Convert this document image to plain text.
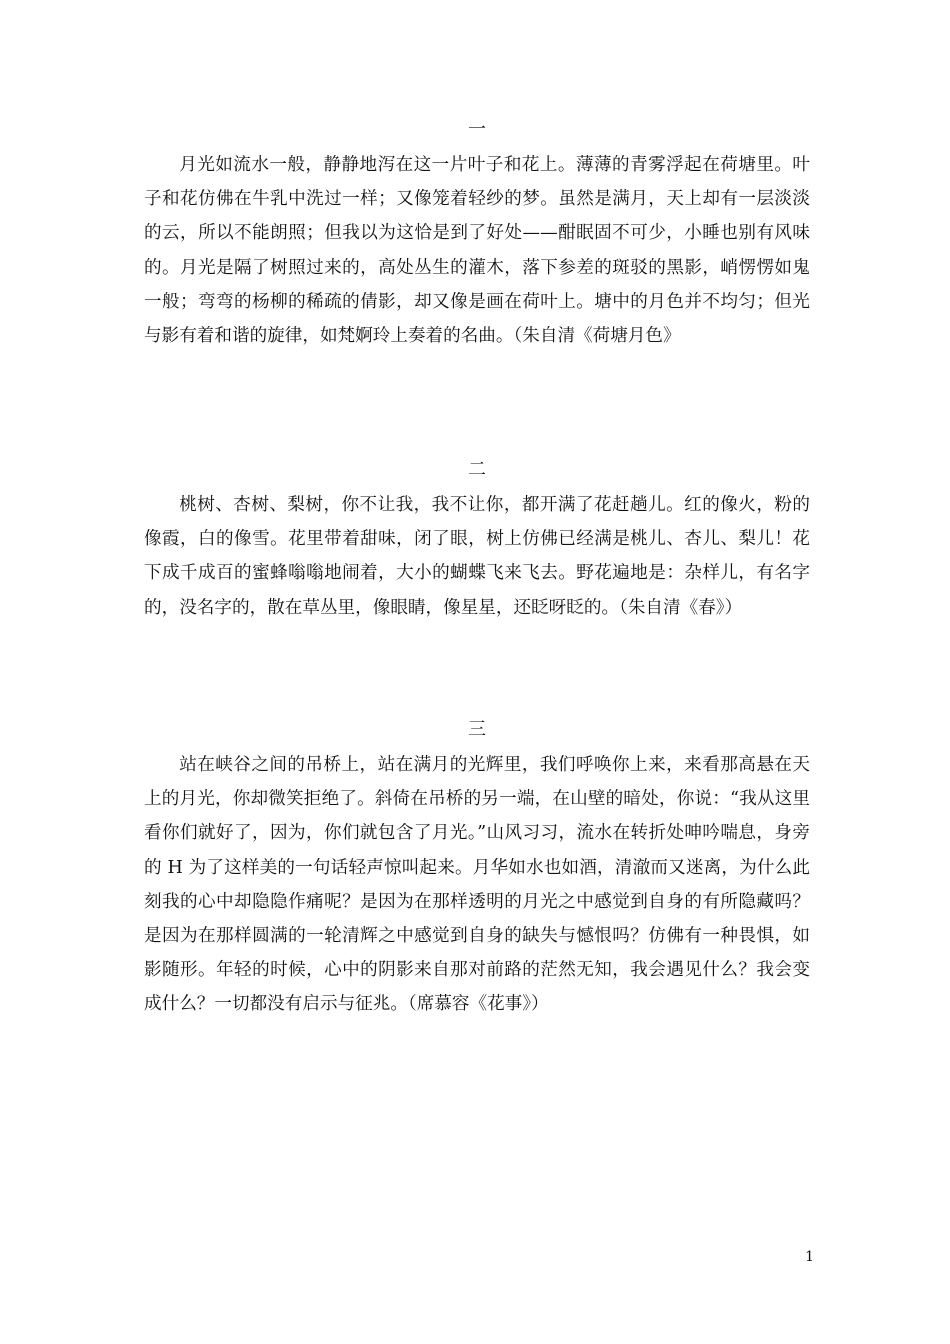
一

月光如流水一般，静静地泻在这一片叶子和花上。薄薄的青雾浮起在荷塘里。叶子和花仿佛在牛乳中洗过一样；又像笼着轻纱的梦。虽然是满月，天上却有一层淡淡的云，所以不能朗照；但我以为这恰是到了好处——酣眠固不可少，小睡也别有风味的。月光是隔了树照过来的，高处丛生的灌木，落下参差的斑驳的黑影，峭愣愣如鬼一般；弯弯的杨柳的稀疏的倩影，却又像是画在荷叶上。塘中的月色并不均匀；但光与影有着和谐的旋律，如梵婀玲上奏着的名曲。（朱自清《荷塘月色》

二

桃树、杏树、梨树，你不让我，我不让你，都开满了花赶趟儿。红的像火，粉的像霞，白的像雪。花里带着甜味，闭了眼，树上仿佛已经满是桃儿、杏儿、梨儿！花下成千成百的蜜蜂嗡嗡地闹着，大小的蝴蝶飞来飞去。野花遍地是：杂样儿，有名字的，没名字的，散在草丛里，像眼睛，像星星，还眨呀眨的。（朱自清《春》）

三

站在峡谷之间的吊桥上，站在满月的光辉里，我们呼唤你上来，来看那高悬在天上的月光，你却微笑拒绝了。斜倚在吊桥的另一端，在山壁的暗处，你说：“我从这里看你们就好了，因为，你们就包含了月光。”山风习习，流水在转折处呻吟喘息，身旁的 H 为了这样美的一句话轻声惊叫起来。月华如水也如酒，清澈而又迷离，为什么此刻我的心中却隐隐作痛呢？是因为在那样透明的月光之中感觉到自身的有所隐藏吗？是因为在那样圆满的一轮清辉之中感觉到自身的缺失与憾恨吗？仿佛有一种畏惧，如影随形。年轻的时候，心中的阴影来自那对前路的茫然无知，我会遇见什么？我会变成什么？一切都没有启示与征兆。（席慕容《花事》）

1
